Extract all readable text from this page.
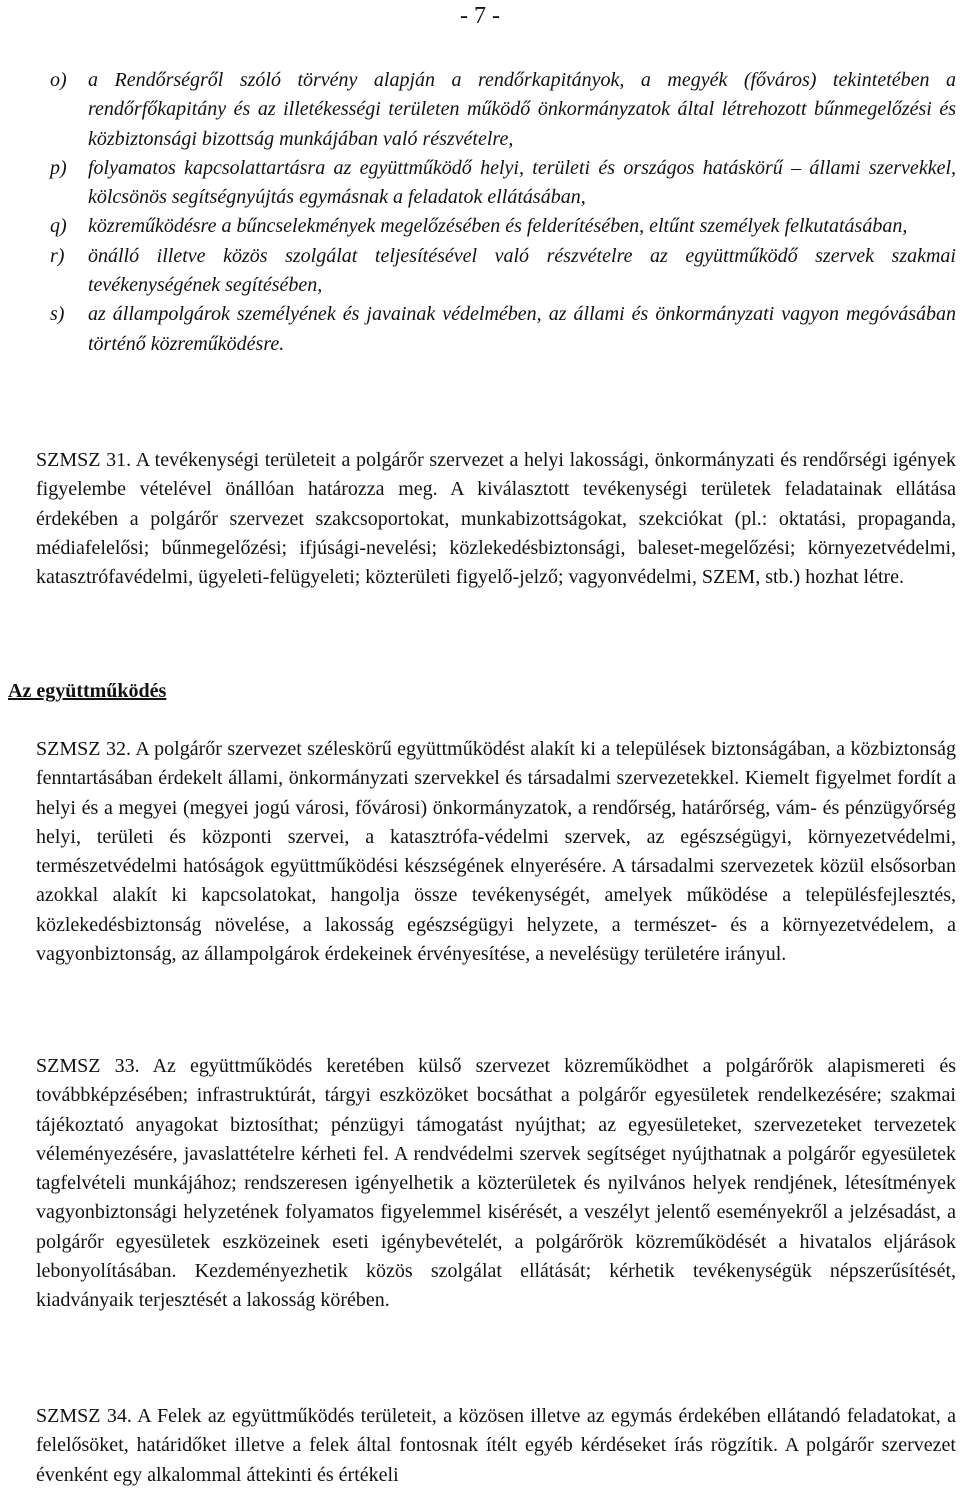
- 7 -
o)	a Rendőrségről szóló törvény alapján a rendőrkapitányok, a megyék (főváros) tekintetében a rendőrfőkapitány és az illetékességi területen működő önkormányzatok által létrehozott bűnmegelőzési és közbiztonsági bizottság munkájában való részvételre,
p)	folyamatos kapcsolattartásra az együttműködő helyi, területi és országos hatáskörű – állami szervekkel, kölcsönös segítségnyújtás egymásnak a feladatok ellátásában,
q)	közreműködésre a bűncselekmények megelőzésében és felderítésében, eltűnt személyek felkutatásában,
r)	önálló illetve közös szolgálat teljesítésével való részvételre az együttműködő szervek szakmai tevékenységének segítésében,
s)	az állampolgárok személyének és javainak védelmében, az állami és önkormányzati vagyon megóvásában történő közreműködésre.
SZMSZ 31. A tevékenységi területeit a polgárőr szervezet a helyi lakossági, önkormányzati és rendőrségi igények figyelembe vételével önállóan határozza meg. A kiválasztott tevékenységi területek feladatainak ellátása érdekében a polgárőr szervezet szakcsoportokat, munkabizottságokat, szekciókat (pl.: oktatási, propaganda, médiafelelősi; bűnmegelőzési; ifjúsági-nevelési; közlekedésbiztonsági, baleset-megelőzési; környezetvédelmi, katasztrófavédelmi, ügyeleti-felügyeleti; közterületi figyelő-jelző; vagyonvédelmi, SZEM, stb.) hozhat létre.
Az együttműködés
SZMSZ 32. A polgárőr szervezet széleskörű együttműködést alakít ki a települések biztonságában, a közbiztonság fenntartásában érdekelt állami, önkormányzati szervekkel és társadalmi szervezetekkel. Kiemelt figyelmet fordít a helyi és a megyei (megyei jogú városi, fővárosi) önkormányzatok, a rendőrség, határőrség, vám- és pénzügyőrség helyi, területi és központi szervei, a katasztrófa-védelmi szervek, az egészségügyi, környezetvédelmi, természetvédelmi hatóságok együttműködési készségének elnyerésére. A társadalmi szervezetek közül elsősorban azokkal alakít ki kapcsolatokat, hangolja össze tevékenységét, amelyek működése a településfejlesztés, közlekedésbiztonság növelése, a lakosság egészségügyi helyzete, a természet- és a környezetvédelem, a vagyonbiztonság, az állampolgárok érdekeinek érvényesítése, a nevelésügy területére irányul.
SZMSZ 33. Az együttműködés keretében külső szervezet közreműködhet a polgárőrök alapismereti és továbbképzésében; infrastruktúrát, tárgyi eszközöket bocsáthat a polgárőr egyesületek rendelkezésére; szakmai tájékoztató anyagokat biztosíthat; pénzügyi támogatást nyújthat; az egyesületeket, szervezeteket tervezetek véleményezésére, javaslattételre kérheti fel. A rendvédelmi szervek segítséget nyújthatnak a polgárőr egyesületek tagfelvételi munkájához; rendszeresen igényelhetik a közterületek és nyilvános helyek rendjének, létesítmények vagyonbiztonsági helyzetének folyamatos figyelemmel kisérését, a veszélyt jelentő eseményekről a jelzésadást, a polgárőr egyesületek eszközeinek eseti igénybevételét, a polgárőrök közreműködését a hivatalos eljárások lebonyolításában. Kezdeményezhetik közös szolgálat ellátását; kérhetik tevékenységük népszerűsítését, kiadványaik terjesztését a lakosság körében.
SZMSZ 34. A Felek az együttműködés területeit, a közösen illetve az egymás érdekében ellátandó feladatokat, a felelősöket, határidőket illetve a felek által fontosnak ítélt egyéb kérdéseket írás rögzítik. A polgárőr szervezet évenként egy alkalommal áttekinti és értékeli
